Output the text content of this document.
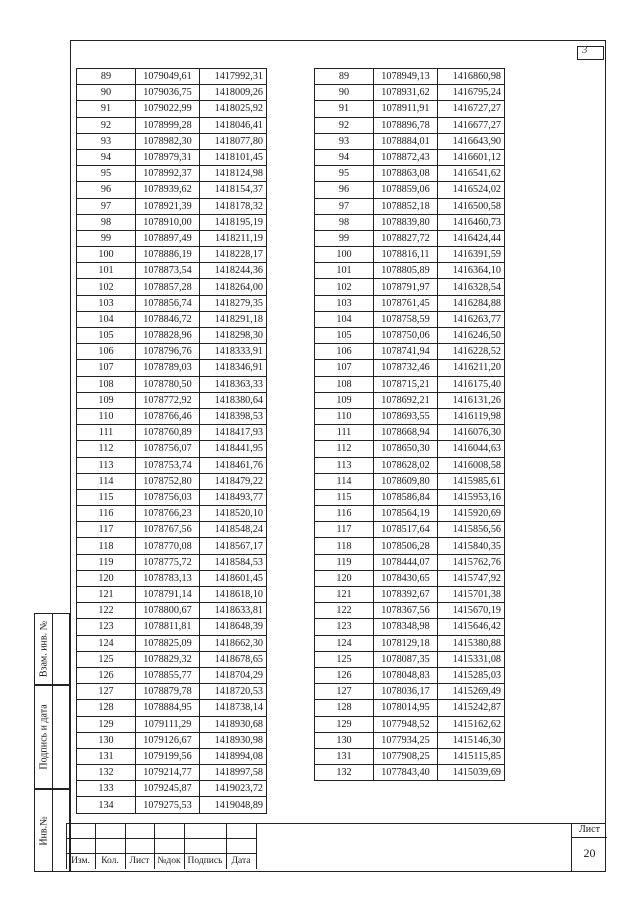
3
89	1079049,61	1417992,31
90	1079036,75	1418009,26
91	1079022,99	1418025,92
92	1078999,28	1418046,41
93	1078982,30	1418077,80
94	1078979,31	1418101,45
95	1078992,37	1418124,98
96	1078939,62	1418154,37
97	1078921,39	1418178,32
98	1078910,00	1418195,19
99	1078897,49	1418211,19
100	1078886,19	1418228,17
101	1078873,54	1418244,36
102	1078857,28	1418264,00
103	1078856,74	1418279,35
104	1078846,72	1418291,18
105	1078828,96	1418298,30
106	1078796,76	1418333,91
107	1078789,03	1418346,91
108	1078780,50	1418363,33
109	1078772,92	1418380,64
110	1078766,46	1418398,53
111	1078760,89	1418417,93
112	1078756,07	1418441,95
113	1078753,74	1418461,76
114	1078752,80	1418479,22
115	1078756,03	1418493,77
116	1078766,23	1418520,10
117	1078767,56	1418548,24
118	1078770,08	1418567,17
119	1078775,72	1418584,53
120	1078783,13	1418601,45
121	1078791,14	1418618,10
122	1078800,67	1418633,81
123	1078811,81	1418648,39
124	1078825,09	1418662,30
125	1078829,32	1418678,65
126	1078855,77	1418704,29
127	1078879,78	1418720,53
128	1078884,95	1418738,14
129	1079111,29	1418930,68
130	1079126,67	1418930,98
131	1079199,56	1418994,08
132	1079214,77	1418997,58
133	1079245,87	1419023,72
134	1079275,53	1419048,89
89	1078949,13	1416860,98
90	1078931,62	1416795,24
91	1078911,91	1416727,27
92	1078896,78	1416677,27
93	1078884,01	1416643,90
94	1078872,43	1416601,12
95	1078863,08	1416541,62
96	1078859,06	1416524,02
97	1078852,18	1416500,58
98	1078839,80	1416460,73
99	1078827,72	1416424,44
100	1078816,11	1416391,59
101	1078805,89	1416364,10
102	1078791,97	1416328,54
103	1078761,45	1416284,88
104	1078758,59	1416263,77
105	1078750,06	1416246,50
106	1078741,94	1416228,52
107	1078732,46	1416211,20
108	1078715,21	1416175,40
109	1078692,21	1416131,26
110	1078693,55	1416119,98
111	1078668,94	1416076,30
112	1078650,30	1416044,63
113	1078628,02	1416008,58
114	1078609,80	1415985,61
115	1078586,84	1415953,16
116	1078564,19	1415920,69
117	1078517,64	1415856,56
118	1078506,28	1415840,35
119	1078444,07	1415762,76
120	1078430,65	1415747,92
121	1078392,67	1415701,38
122	1078367,56	1415670,19
123	1078348,98	1415646,42
124	1078129,18	1415380,88
125	1078087,35	1415331,08
126	1078048,83	1415285,03
127	1078036,17	1415269,49
128	1078014,95	1415242,87
129	1077948,52	1415162,62
130	1077934,25	1415146,30
131	1077908,25	1415115,85
132	1077843,40	1415039,69
Взам. инв. №
Подпись и дата
Инв.№
Изм.	Кол.	Лист №док Подпись Дата
Лист
20
